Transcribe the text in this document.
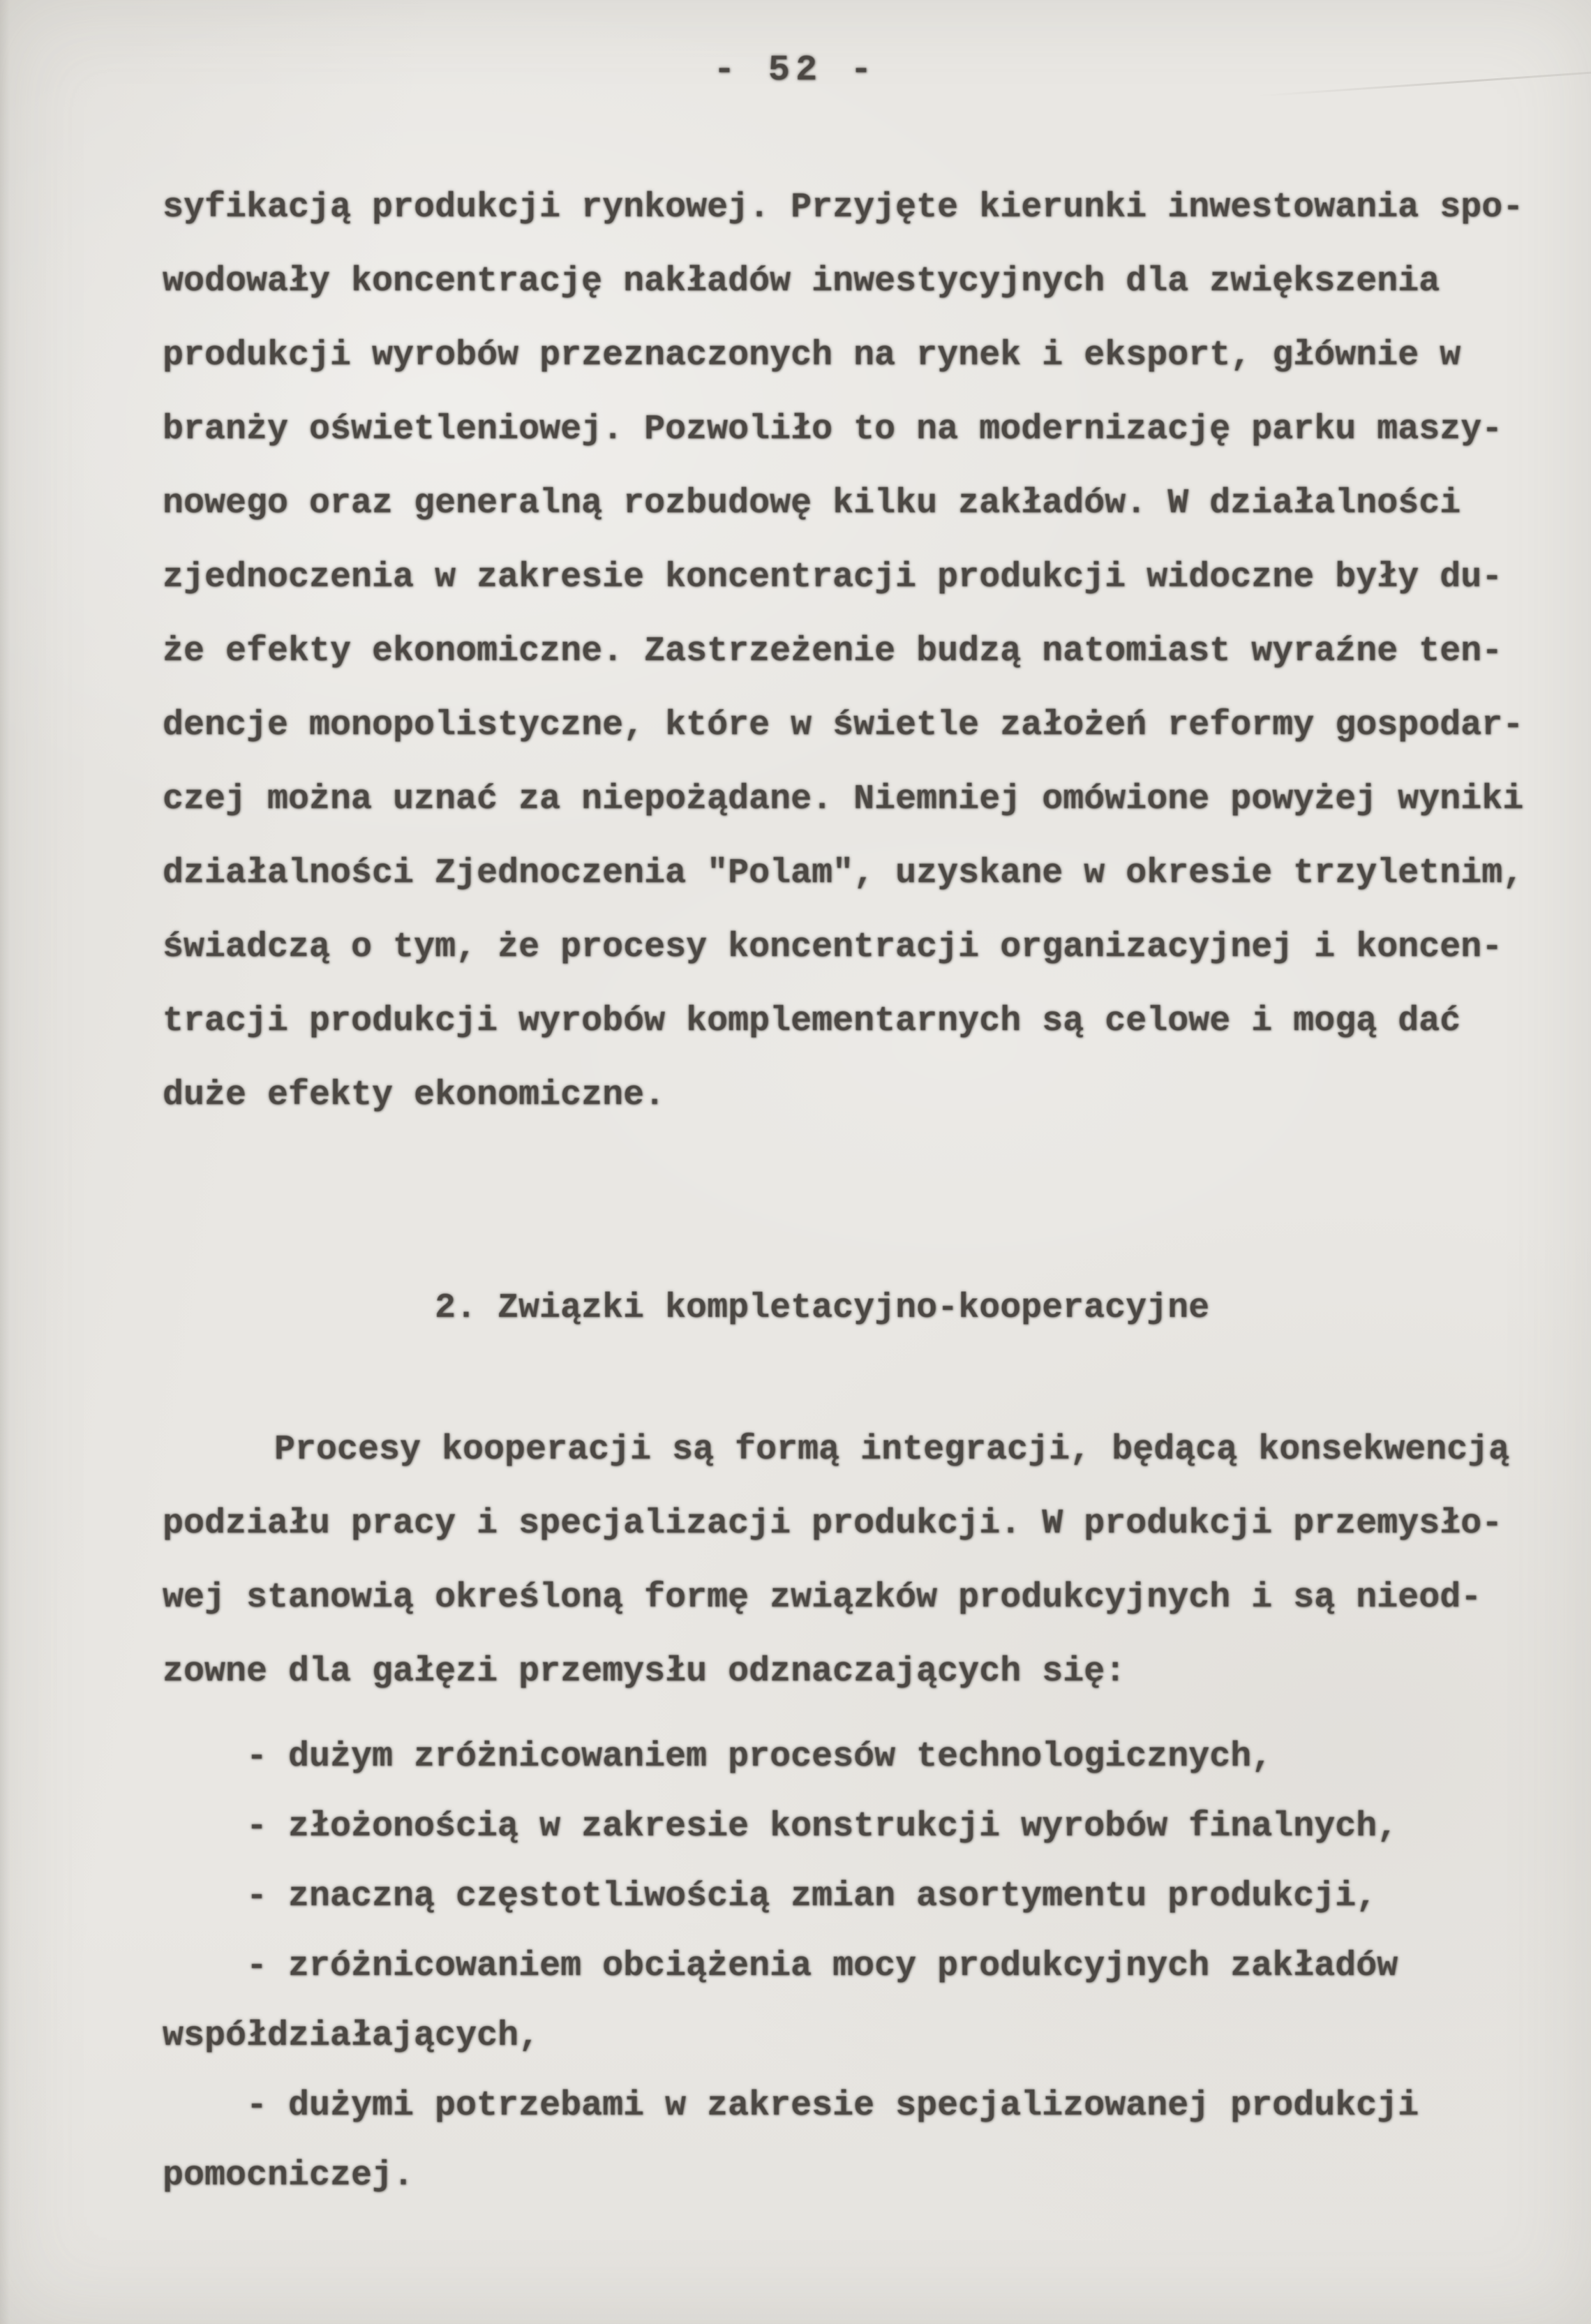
- 52 -
syfikacją produkcji rynkowej. Przyjęte kierunki inwestowania spo-
wodowały koncentrację nakładów inwestycyjnych dla zwiększenia
produkcji wyrobów przeznaczonych na rynek i eksport, głównie w
branży oświetleniowej. Pozwoliło to na modernizację parku maszy-
nowego oraz generalną rozbudowę kilku zakładów. W działalności
zjednoczenia w zakresie koncentracji produkcji widoczne były du-
że efekty ekonomiczne. Zastrzeżenie budzą natomiast wyraźne ten-
dencje monopolistyczne, które w świetle założeń reformy gospodar-
czej można uznać za niepożądane. Niemniej omówione powyżej wyniki
działalności Zjednoczenia "Polam", uzyskane w okresie trzyletnim,
świadczą o tym, że procesy koncentracji organizacyjnej i koncen-
tracji produkcji wyrobów komplementarnych są celowe i mogą dać
duże efekty ekonomiczne.
2. Związki kompletacyjno-kooperacyjne
Procesy kooperacji są formą integracji, będącą konsekwencją
podziału pracy i specjalizacji produkcji. W produkcji przemysło-
wej stanowią określoną formę związków produkcyjnych i są nieod-
zowne dla gałęzi przemysłu odznaczających się:
- dużym zróżnicowaniem procesów technologicznych,
- złożonością w zakresie konstrukcji wyrobów finalnych,
- znaczną częstotliwością zmian asortymentu produkcji,
- zróżnicowaniem obciążenia mocy produkcyjnych zakładów
współdziałających,
- dużymi potrzebami w zakresie specjalizowanej produkcji
pomocniczej.
